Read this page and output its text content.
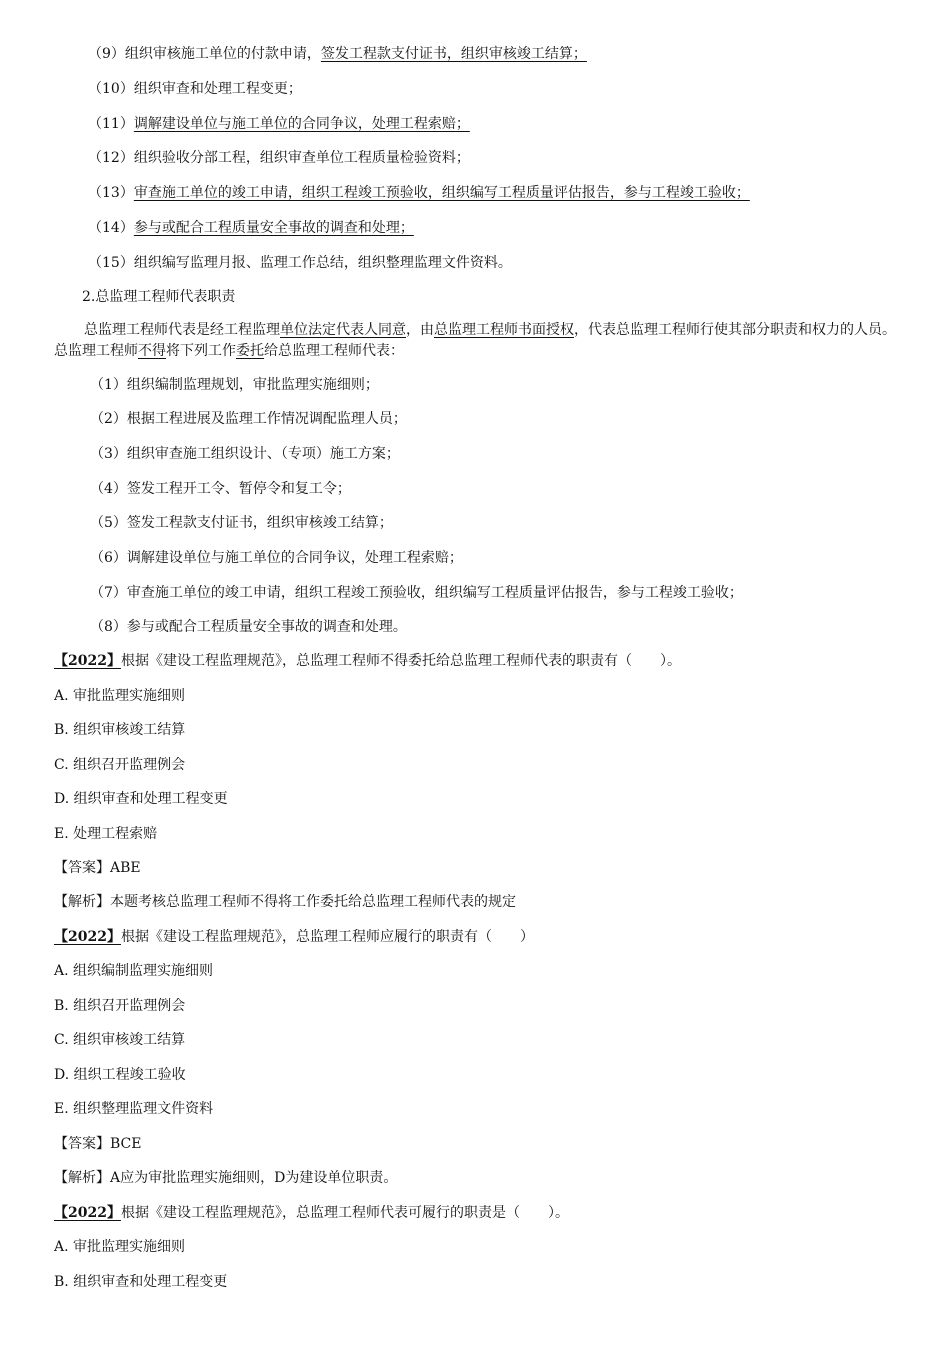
（9）组织审核施工单位的付款申请，签发工程款支付证书，组织审核竣工结算；
（10）组织审查和处理工程变更；
（11）调解建设单位与施工单位的合同争议，处理工程索赔；
（12）组织验收分部工程，组织审查单位工程质量检验资料；
（13）审查施工单位的竣工申请，组织工程竣工预验收，组织编写工程质量评估报告，参与工程竣工验收；
（14）参与或配合工程质量安全事故的调查和处理；
（15）组织编写监理月报、监理工作总结，组织整理监理文件资料。
2.总监理工程师代表职责
总监理工程师代表是经工程监理单位法定代表人同意，由总监理工程师书面授权，代表总监理工程师行使其部分职责和权力的人员。总监理工程师不得将下列工作委托给总监理工程师代表：
（1）组织编制监理规划，审批监理实施细则；
（2）根据工程进展及监理工作情况调配监理人员；
（3）组织审查施工组织设计、（专项）施工方案；
（4）签发工程开工令、暂停令和复工令；
（5）签发工程款支付证书，组织审核竣工结算；
（6）调解建设单位与施工单位的合同争议，处理工程索赔；
（7）审查施工单位的竣工申请，组织工程竣工预验收，组织编写工程质量评估报告，参与工程竣工验收；
（8）参与或配合工程质量安全事故的调查和处理。
【2022】根据《建设工程监理规范》，总监理工程师不得委托给总监理工程师代表的职责有（　　）。
A. 审批监理实施细则
B. 组织审核竣工结算
C. 组织召开监理例会
D. 组织审查和处理工程变更
E. 处理工程索赔
【答案】ABE
【解析】本题考核总监理工程师不得将工作委托给总监理工程师代表的规定
【2022】根据《建设工程监理规范》，总监理工程师应履行的职责有（　　）
A. 组织编制监理实施细则
B. 组织召开监理例会
C. 组织审核竣工结算
D. 组织工程竣工验收
E. 组织整理监理文件资料
【答案】BCE
【解析】A应为审批监理实施细则，D为建设单位职责。
【2022】根据《建设工程监理规范》，总监理工程师代表可履行的职责是（　　）。
A. 审批监理实施细则
B. 组织审查和处理工程变更
